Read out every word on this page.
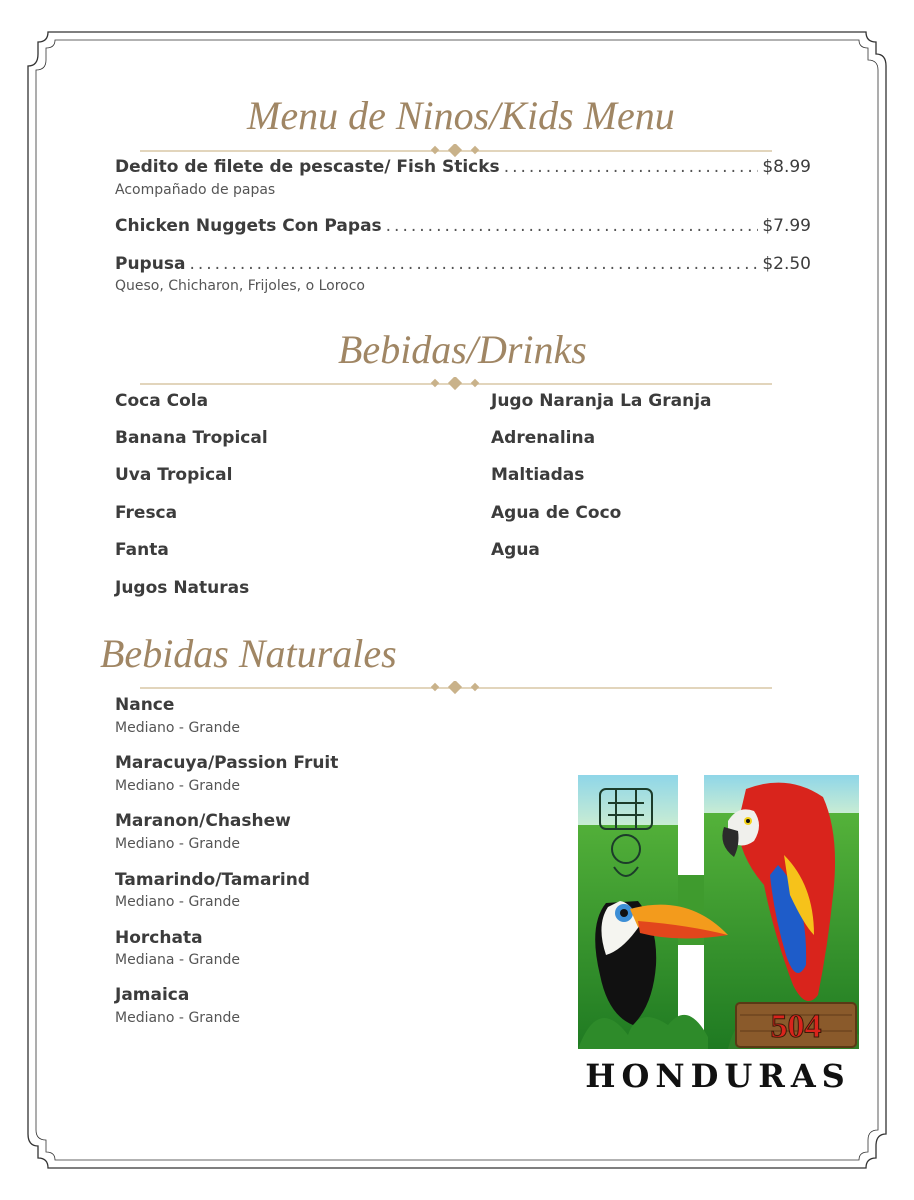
Menu de Ninos/Kids Menu
Dedito de filete de pescaste/ Fish Sticks .....	$8.99
Acompañado de papas
Chicken Nuggets Con Papas .....	$7.99
Pupusa .....	$2.50
Queso, Chicharon, Frijoles, o Loroco
Bebidas/Drinks
Coca Cola
Banana Tropical
Uva Tropical
Fresca
Fanta
Jugos Naturas
Jugo Naranja La Granja
Adrenalina
Maltiadas
Agua de Coco
Agua
Bebidas Naturales
Nance
Mediano - Grande
Maracuya/Passion Fruit
Mediano - Grande
Maranon/Chashew
Mediano - Grande
Tamarindo/Tamarind
Mediano - Grande
Horchata
Mediana - Grande
Jamaica
Mediano - Grande	504
HONDURAS
